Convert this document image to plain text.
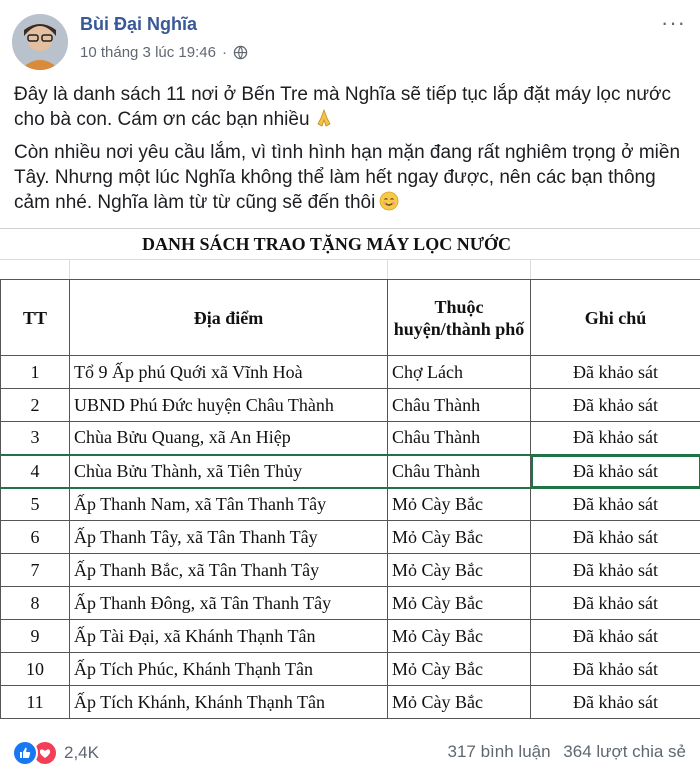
Bùi Đại Nghĩa
10 tháng 3 lúc 19:46 ·
···

Đây là danh sách 11 nơi ở Bến Tre mà Nghĩa sẽ tiếp tục lắp đặt máy lọc nước cho bà con. Cám ơn các bạn nhiều

Còn nhiều nơi yêu cầu lắm, vì tình hình hạn mặn đang rất nghiêm trọng ở miền Tây. Nhưng một lúc Nghĩa không thể làm hết ngay được, nên các bạn thông cảm nhé. Nghĩa làm từ từ cũng sẽ đến thôi

DANH SÁCH TRAO TẶNG MÁY LỌC NƯỚC
TT	Địa điểm	Thuộc huyện/thành phố	Ghi chú
1	Tổ 9 Ấp phú Quới xã Vĩnh Hoà	Chợ Lách	Đã khảo sát
2	UBND Phú Đức huyện Châu Thành	Châu Thành	Đã khảo sát
3	Chùa Bửu Quang, xã An Hiệp	Châu Thành	Đã khảo sát
4	Chùa Bửu Thành, xã Tiên Thủy	Châu Thành	Đã khảo sát
5	Ấp Thanh Nam, xã Tân Thanh Tây	Mỏ Cày Bắc	Đã khảo sát
6	Ấp Thanh Tây, xã Tân Thanh Tây	Mỏ Cày Bắc	Đã khảo sát
7	Ấp Thanh Bắc, xã Tân Thanh Tây	Mỏ Cày Bắc	Đã khảo sát
8	Ấp Thanh Đông, xã Tân Thanh Tây	Mỏ Cày Bắc	Đã khảo sát
9	Ấp Tài Đại, xã Khánh Thạnh Tân	Mỏ Cày Bắc	Đã khảo sát
10	Ấp Tích Phúc, Khánh Thạnh Tân	Mỏ Cày Bắc	Đã khảo sát
11	Ấp Tích Khánh, Khánh Thạnh Tân	Mỏ Cày Bắc	Đã khảo sát
2,4K	317 bình luận 364 lượt chia sẻ
